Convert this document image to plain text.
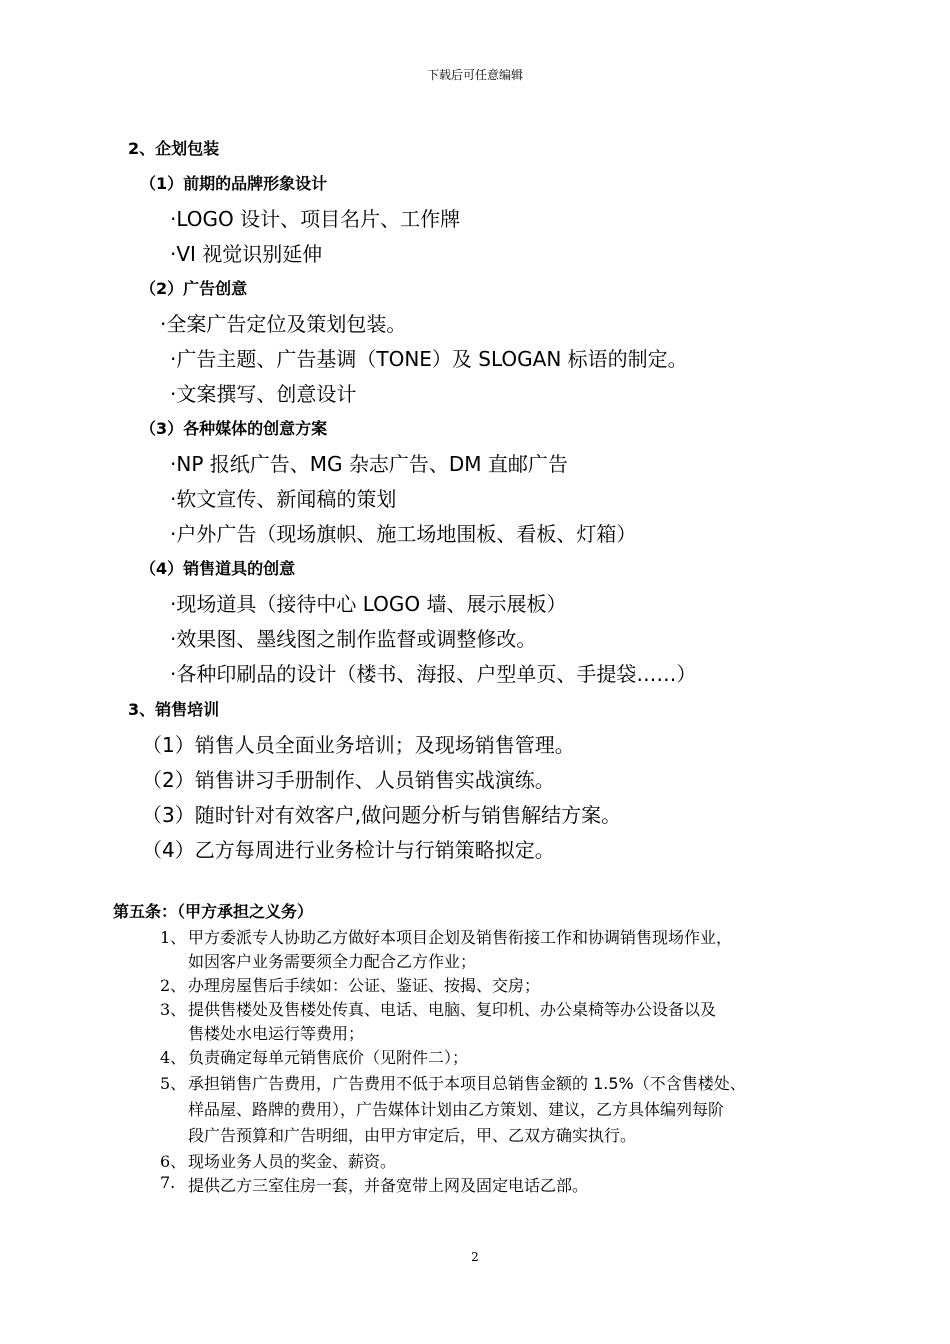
下载后可任意编辑
2、企划包装
（1）前期的品牌形象设计
·LOGO 设计、项目名片、工作牌
·VI 视觉识别延伸
（2）广告创意
·全案广告定位及策划包装。
·广告主题、广告基调（TONE）及 SLOGAN 标语的制定。
·文案撰写、创意设计
（3）各种媒体的创意方案
·NP 报纸广告、MG 杂志广告、DM 直邮广告
·软文宣传、新闻稿的策划
·户外广告（现场旗帜、施工场地围板、看板、灯箱）
（4）销售道具的创意
·现场道具（接待中心 LOGO 墙、展示展板）
·效果图、墨线图之制作监督或调整修改。
·各种印刷品的设计（楼书、海报、户型单页、手提袋……）
3、销售培训
（1）销售人员全面业务培训；及现场销售管理。
（2）销售讲习手册制作、人员销售实战演练。
（3）随时针对有效客户,做问题分析与销售解结方案。
（4）乙方每周进行业务检计与行销策略拟定。
第五条：（甲方承担之义务）
1、 甲方委派专人协助乙方做好本项目企划及销售衔接工作和协调销售现场作业，
如因客户业务需要须全力配合乙方作业；
2、 办理房屋售后手续如：公证、鉴证、按揭、交房；
3、 提供售楼处及售楼处传真、电话、电脑、复印机、办公桌椅等办公设备以及
售楼处水电运行等费用；
4、 负责确定每单元销售底价（见附件二）；
5、 承担销售广告费用，广告费用不低于本项目总销售金额的 1.5%（不含售楼处、
样品屋、路牌的费用），广告媒体计划由乙方策划、建议，乙方具体编列每阶
段广告预算和广告明细，由甲方审定后，甲、乙双方确实执行。
6、 现场业务人员的奖金、薪资。
7. 提供乙方三室住房一套，并备宽带上网及固定电话乙部。
2
